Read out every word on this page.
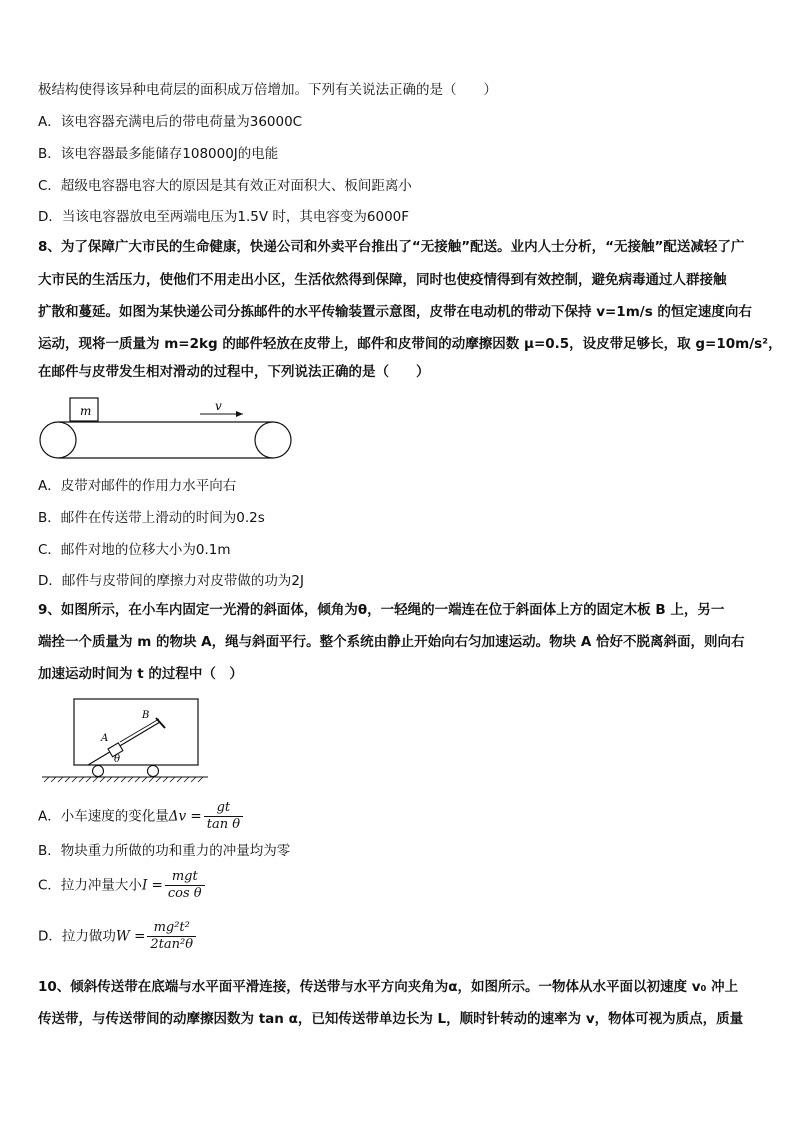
极结构使得该异种电荷层的面积成万倍增加。下列有关说法正确的是（　　）
A．该电容器充满电后的带电荷量为36000C
B．该电容器最多能储存108000J的电能
C．超级电容器电容大的原因是其有效正对面积大、板间距离小
D．当该电容器放电至两端电压为1.5V 时，其电容变为6000F
8、为了保障广大市民的生命健康，快递公司和外卖平台推出了“无接触”配送。业内人士分析，“无接触”配送减轻了广
大市民的生活压力，使他们不用走出小区，生活依然得到保障，同时也使疫情得到有效控制，避免病毒通过人群接触
扩散和蔓延。如图为某快递公司分拣邮件的水平传输装置示意图，皮带在电动机的带动下保持 v=1m/s 的恒定速度向右
运动，现将一质量为 m=2kg 的邮件轻放在皮带上，邮件和皮带间的动摩擦因数 μ=0.5，设皮带足够长，取 g=10m/s²，
在邮件与皮带发生相对滑动的过程中，下列说法正确的是（　　）
m	v
A．皮带对邮件的作用力水平向右
B．邮件在传送带上滑动的时间为0.2s
C．邮件对地的位移大小为0.1m
D．邮件与皮带间的摩擦力对皮带做的功为2J
9、如图所示，在小车内固定一光滑的斜面体，倾角为θ，一轻绳的一端连在位于斜面体上方的固定木板 B 上，另一
端拴一个质量为 m 的物块 A，绳与斜面平行。整个系统由静止开始向右匀加速运动。物块 A 恰好不脱离斜面，则向右
加速运动时间为 t 的过程中（　）
A
B
θ
A．小车速度的变化量$\Delta v = \frac{gt}{\text{tan θ}}$
B．物块重力所做的功和重力的冲量均为零
C．拉力冲量大小$I = \frac{\text{mgt}}{\text{cos θ}}$
D．拉力做功$W = \frac{\text{mg²t²}}{\text{2tan²θ}}$
10、倾斜传送带在底端与水平面平滑连接，传送带与水平方向夹角为α，如图所示。一物体从水平面以初速度 v₀ 冲上
传送带，与传送带间的动摩擦因数为 tan α，已知传送带单边长为 L，顺时针转动的速率为 v，物体可视为质点，质量
